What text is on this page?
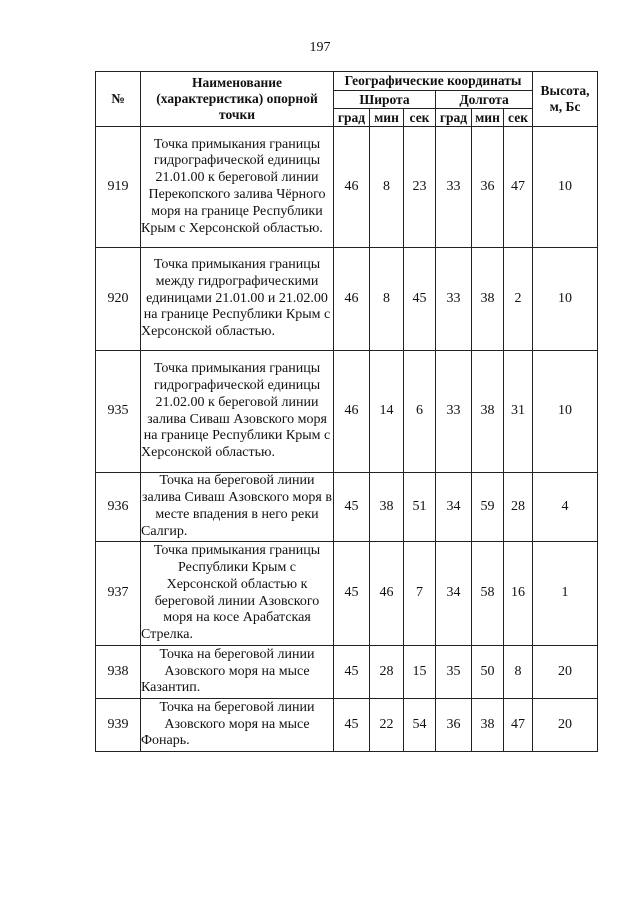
197
№	Наименование (характеристика) опорной точки	Географические координаты						Высота, м, Бс
		Широта			Долгота			
		град	мин	сек	град	мин	сек	
919	Точка примыкания границы гидрографической единицы 21.01.00 к береговой линии Перекопского залива Чёрного моря на границе Республики Крым с Херсонской областью.	46	8	23	33	36	47	10
920	Точка примыкания границы между гидрографическими единицами 21.01.00 и 21.02.00 на границе Республики Крым с Херсонской областью.	46	8	45	33	38	2	10
935	Точка примыкания границы гидрографической единицы 21.02.00 к береговой линии залива Сиваш Азовского моря на границе Республики Крым с Херсонской областью.	46	14	6	33	38	31	10
936	Точка на береговой линии залива Сиваш Азовского моря в месте впадения в него реки Салгир.	45	38	51	34	59	28	4
937	Точка примыкания границы Республики Крым с Херсонской областью к береговой линии Азовского моря на косе Арабатская Стрелка.	45	46	7	34	58	16	1
938	Точка на береговой линии Азовского моря на мысе Казантип.	45	28	15	35	50	8	20
939	Точка на береговой линии Азовского моря на мысе Фонарь.	45	22	54	36	38	47	20
